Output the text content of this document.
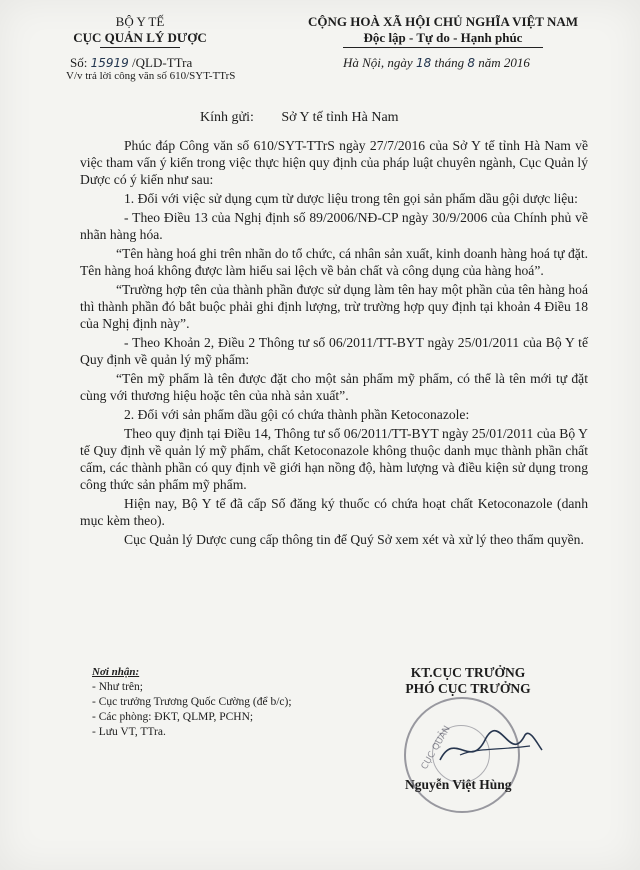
BỘ Y TẾ
CỤC QUẢN LÝ DƯỢC
CỘNG HOÀ XÃ HỘI CHỦ NGHĨA VIỆT NAM
Độc lập - Tự do - Hạnh phúc
Số: 15919 /QLD-TTra
V/v trả lời công văn số 610/SYT-TTrS
Hà Nội, ngày 18 tháng 8 năm 2016
Kính gửi: Sở Y tế tỉnh Hà Nam

Phúc đáp Công văn số 610/SYT-TTrS ngày 27/7/2016 của Sở Y tế tỉnh Hà Nam về việc tham vấn ý kiến trong việc thực hiện quy định của pháp luật chuyên ngành, Cục Quản lý Dược có ý kiến như sau:

1. Đối với việc sử dụng cụm từ dược liệu trong tên gọi sản phẩm dầu gội dược liệu:

- Theo Điều 13 của Nghị định số 89/2006/NĐ-CP ngày 30/9/2006 của Chính phủ về nhãn hàng hóa.

“Tên hàng hoá ghi trên nhãn do tổ chức, cá nhân sản xuất, kinh doanh hàng hoá tự đặt. Tên hàng hoá không được làm hiểu sai lệch về bản chất và công dụng của hàng hoá”.

“Trường hợp tên của thành phần được sử dụng làm tên hay một phần của tên hàng hoá thì thành phần đó bắt buộc phải ghi định lượng, trừ trường hợp quy định tại khoản 4 Điều 18 của Nghị định này”.

- Theo Khoản 2, Điều 2 Thông tư số 06/2011/TT-BYT ngày 25/01/2011 của Bộ Y tế Quy định về quản lý mỹ phẩm:

“Tên mỹ phẩm là tên được đặt cho một sản phẩm mỹ phẩm, có thể là tên mới tự đặt cùng với thương hiệu hoặc tên của nhà sản xuất”.

2. Đối với sản phẩm dầu gội có chứa thành phần Ketoconazole:

Theo quy định tại Điều 14, Thông tư số 06/2011/TT-BYT ngày 25/01/2011 của Bộ Y tế Quy định về quản lý mỹ phẩm, chất Ketoconazole không thuộc danh mục thành phần chất cấm, các thành phần có quy định về giới hạn nồng độ, hàm lượng và điều kiện sử dụng trong công thức sản phẩm mỹ phẩm.

Hiện nay, Bộ Y tế đã cấp Số đăng ký thuốc có chứa hoạt chất Ketoconazole (danh mục kèm theo).

Cục Quản lý Dược cung cấp thông tin để Quý Sở xem xét và xử lý theo thẩm quyền.

Nơi nhận:
- Như trên;
- Cục trưởng Trương Quốc Cường (để b/c);
- Các phòng: ĐKT, QLMP, PCHN;
- Lưu VT, TTra.	CỤC QUẢN
KT.CỤC TRƯỞNG
PHÓ CỤC TRƯỞNG
Nguyễn Việt Hùng
